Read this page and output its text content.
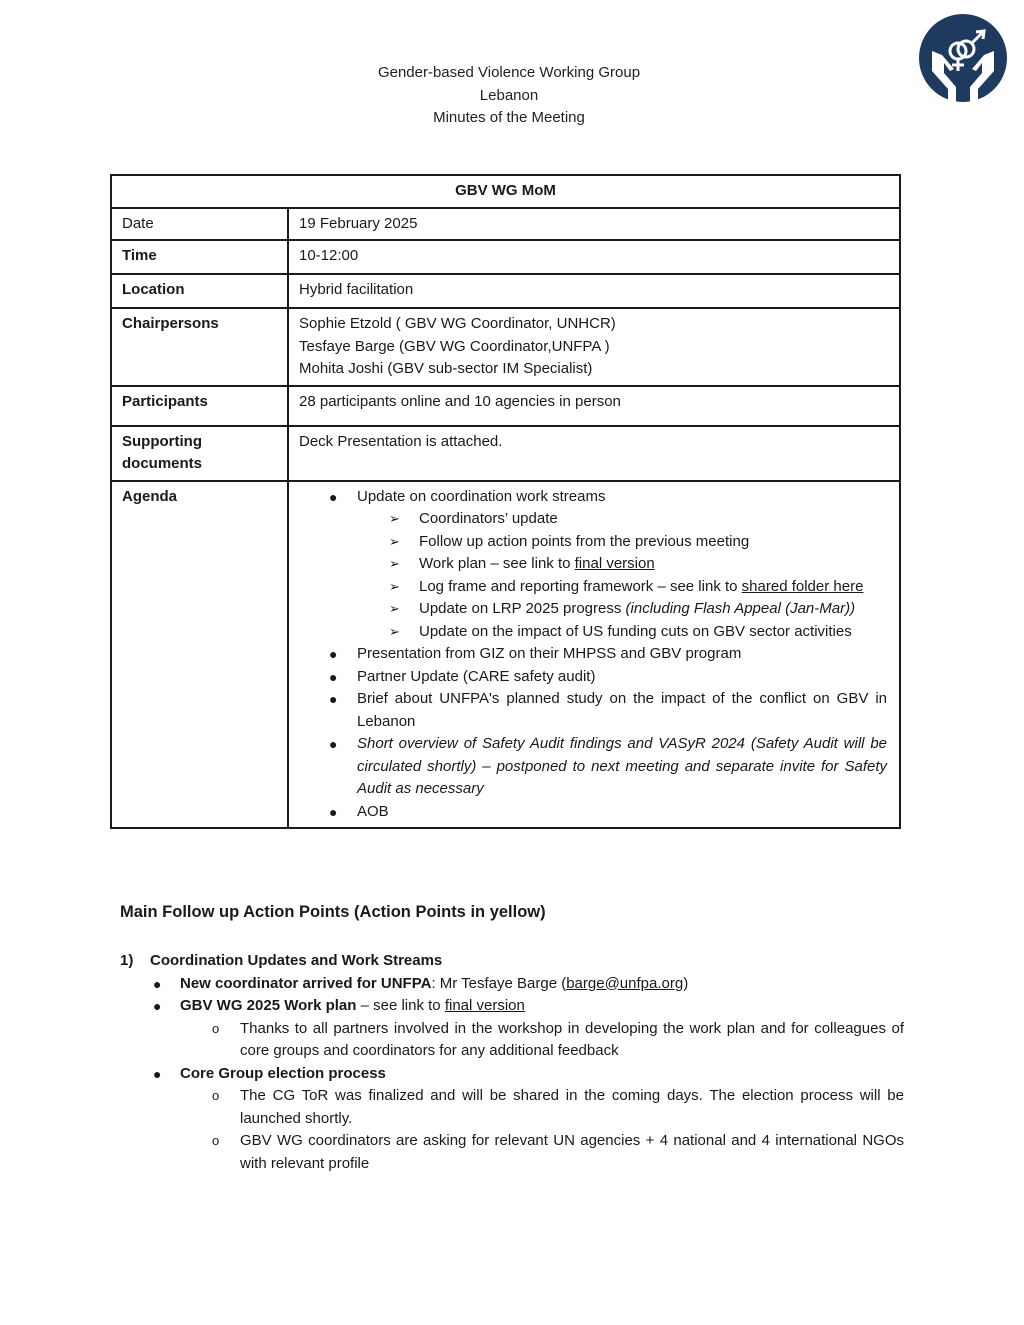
Gender-based Violence Working Group
Lebanon
Minutes of the Meeting
GBV WG MoM	
Date	19 February 2025
Time	10-12:00
Location	Hybrid facilitation
Chairpersons	Sophie Etzold ( GBV WG Coordinator, UNHCR)
Tesfaye Barge (GBV WG Coordinator,UNFPA )
Mohita Joshi (GBV sub-sector IM Specialist)

Participants	28 participants online and 10 agencies in person
Supporting documents	Deck Presentation is attached.
Agenda	● Update on coordination work streams
➢ Coordinators’ update
➢ Follow up action points from the previous meeting
➢ Work plan – see link to final version
➢ Log frame and reporting framework – see link to shared folder here
➢ Update on LRP 2025 progress (including Flash Appeal (Jan-Mar))
➢ Update on the impact of US funding cuts on GBV sector activities
● Presentation from GIZ on their MHPSS and GBV program
● Partner Update (CARE safety audit)
● Brief about UNFPA's planned study on the impact of the conflict on GBV in Lebanon
● Short overview of Safety Audit findings and VASyR 2024 (Safety Audit will be circulated shortly) – postponed to next meeting and separate invite for Safety Audit as necessary
● AOB
Main Follow up Action Points (Action Points in yellow)
1) Coordination Updates and Work Streams
● New coordinator arrived for UNFPA: Mr Tesfaye Barge (barge@unfpa.org)
● GBV WG 2025 Work plan – see link to final version
o Thanks to all partners involved in the workshop in developing the work plan and for colleagues of core groups and coordinators for any additional feedback
● Core Group election process
o The CG ToR was finalized and will be shared in the coming days. The election process will be launched shortly.
o GBV WG coordinators are asking for relevant UN agencies + 4 national and 4 international NGOs with relevant profile
